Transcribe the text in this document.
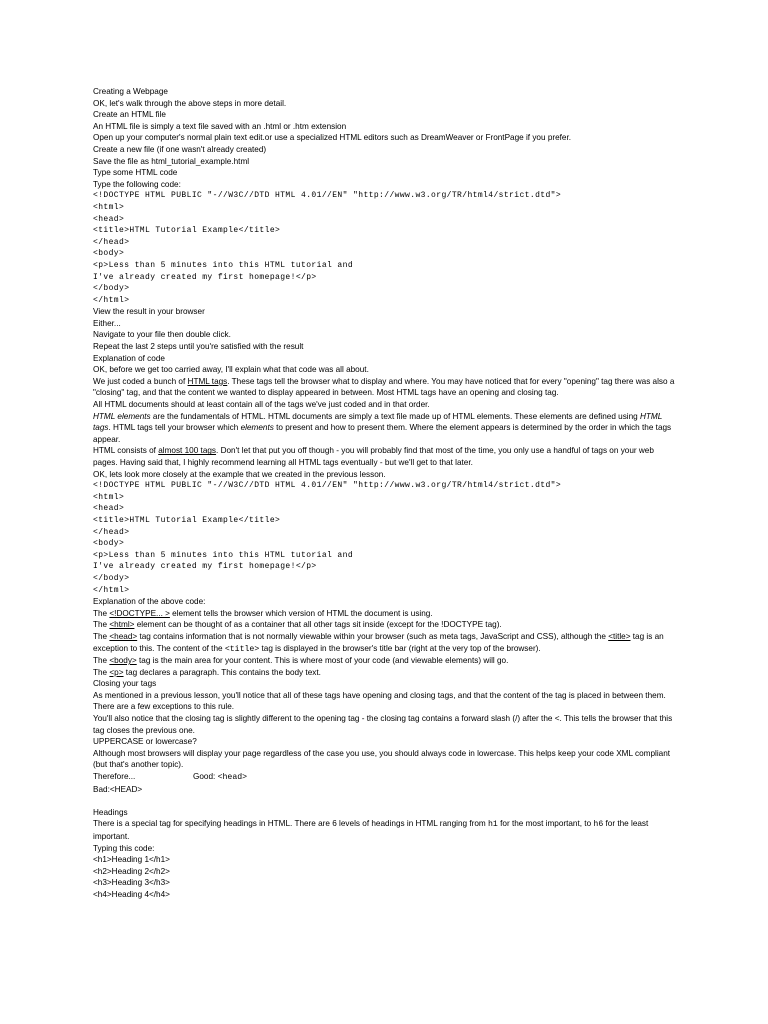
Creating a Webpage
OK, let's walk through the above steps in more detail.
Create an HTML file
An HTML file is simply a text file saved with an .html or .htm extension
Open up your computer's normal plain text edit.or use a specialized HTML editors such as DreamWeaver or FrontPage if you prefer.
Create a new file (if one wasn't already created)
Save the file as html_tutorial_example.html
Type some HTML code
Type the following code:
<!DOCTYPE HTML PUBLIC "-//W3C//DTD HTML 4.01//EN" "http://www.w3.org/TR/html4/strict.dtd">
<html>
<head>
<title>HTML Tutorial Example</title>
</head>
<body>
<p>Less than 5 minutes into this HTML tutorial and
I've already created my first homepage!</p>
</body>
</html>
View the result in your browser
Either...
Navigate to your file then double click.
Repeat the last 2 steps until you're satisfied with the result
Explanation of code
OK, before we get too carried away, I'll explain what that code was all about.
We just coded a bunch of HTML tags. These tags tell the browser what to display and where. You may have noticed that for every "opening" tag there was also a "closing" tag, and that the content we wanted to display appeared in between. Most HTML tags have an opening and closing tag.
All HTML documents should at least contain all of the tags we've just coded and in that order.
HTML elements are the fundamentals of HTML. HTML documents are simply a text file made up of HTML elements. These elements are defined using HTML tags. HTML tags tell your browser which elements to present and how to present them. Where the element appears is determined by the order in which the tags appear.
HTML consists of almost 100 tags. Don't let that put you off though - you will probably find that most of the time, you only use a handful of tags on your web pages. Having said that, I highly recommend learning all HTML tags eventually - but we'll get to that later.
OK, lets look more closely at the example that we created in the previous lesson.
<!DOCTYPE HTML PUBLIC "-//W3C//DTD HTML 4.01//EN" "http://www.w3.org/TR/html4/strict.dtd">
<html>
<head>
<title>HTML Tutorial Example</title>
</head>
<body>
<p>Less than 5 minutes into this HTML tutorial and
I've already created my first homepage!</p>
</body>
</html>
Explanation of the above code:
The <!DOCTYPE... > element tells the browser which version of HTML the document is using.
The <html> element can be thought of as a container that all other tags sit inside (except for the !DOCTYPE tag).
The <head> tag contains information that is not normally viewable within your browser (such as meta tags, JavaScript and CSS), although the <title> tag is an exception to this. The content of the <title> tag is displayed in the browser's title bar (right at the very top of the browser).
The <body> tag is the main area for your content. This is where most of your code (and viewable elements) will go.
The <p> tag declares a paragraph. This contains the body text.
Closing your tags
As mentioned in a previous lesson, you'll notice that all of these tags have opening and closing tags, and that the content of the tag is placed in between them. There are a few exceptions to this rule.
You'll also notice that the closing tag is slightly different to the opening tag - the closing tag contains a forward slash (/) after the <. This tells the browser that this tag closes the previous one.
UPPERCASE or lowercase?
Although most browsers will display your page regardless of the case you use, you should always code in lowercase. This helps keep your code XML compliant (but that's another topic).
Therefore...	Good: <head>
Bad:<HEAD>
Headings
There is a special tag for specifying headings in HTML. There are 6 levels of headings in HTML ranging from h1 for the most important, to h6 for the least important.
Typing this code:
<h1>Heading 1</h1>
<h2>Heading 2</h2>
<h3>Heading 3</h3>
<h4>Heading 4</h4>
